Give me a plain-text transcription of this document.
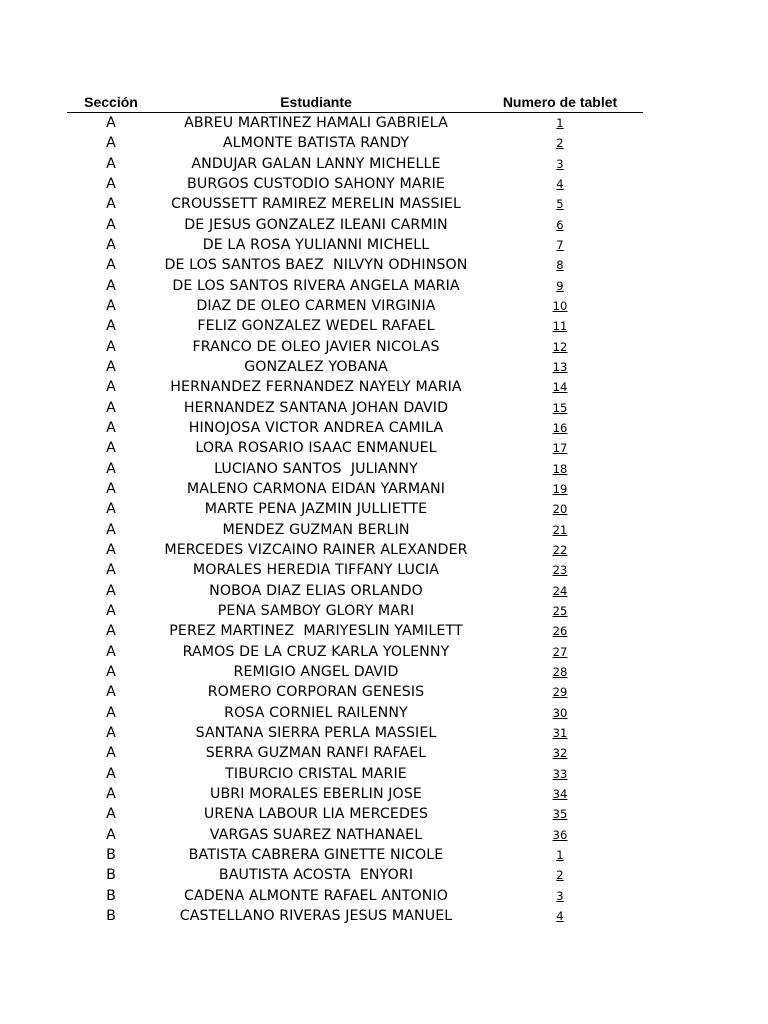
Sección	Estudiante	Numero de tablet
A	ABREU MARTINEZ HAMALI GABRIELA	1
A	ALMONTE BATISTA RANDY	2
A	ANDUJAR GALAN LANNY MICHELLE	3
A	BURGOS CUSTODIO SAHONY MARIE	4
A	CROUSSETT RAMIREZ MERELIN MASSIEL	5
A	DE JESUS GONZALEZ ILEANI CARMIN	6
A	DE LA ROSA YULIANNI MICHELL	7
A	DE LOS SANTOS BAEZ  NILVYN ODHINSON	8
A	DE LOS SANTOS RIVERA ANGELA MARIA	9
A	DIAZ DE OLEO CARMEN VIRGINIA	10
A	FELIZ GONZALEZ WEDEL RAFAEL	11
A	FRANCO DE OLEO JAVIER NICOLAS	12
A	GONZALEZ YOBANA	13
A	HERNANDEZ FERNANDEZ NAYELY MARIA	14
A	HERNANDEZ SANTANA JOHAN DAVID	15
A	HINOJOSA VICTOR ANDREA CAMILA	16
A	LORA ROSARIO ISAAC ENMANUEL	17
A	LUCIANO SANTOS  JULIANNY	18
A	MALENO CARMONA EIDAN YARMANI	19
A	MARTE PEÑA JAZMIN JULLIETTE	20
A	MENDEZ GUZMAN BERLIN	21
A	MERCEDES VIZCAINO RAINER ALEXANDER	22
A	MORALES HEREDIA TIFFANY LUCIA	23
A	NOBOA DIAZ ELIAS ORLANDO	24
A	PEÑA SAMBOY GLORY MARI	25
A	PEREZ MARTINEZ  MARIYESLIN YAMILETT	26
A	RAMOS DE LA CRUZ KARLA YOLENNY	27
A	REMIGIO ANGEL DAVID	28
A	ROMERO CORPORAN GENESIS	29
A	ROSA CORNIEL RAILENNY	30
A	SANTANA SIERRA PERLA MASSIEL	31
A	SERRA GUZMAN RANFI RAFAEL	32
A	TIBURCIO CRISTAL MARIE	33
A	UBRI MORALES EBERLIN JOSE	34
A	UREÑA LABOUR LIA MERCEDES	35
A	VARGAS SUAREZ NATHANAEL	36
B	BATISTA CABRERA GINETTE NICOLE	1
B	BAUTISTA ACOSTA  ENYORI	2
B	CADENA ALMONTE RAFAEL ANTONIO	3
B	CASTELLANO RIVERAS JESUS MANUEL	4
